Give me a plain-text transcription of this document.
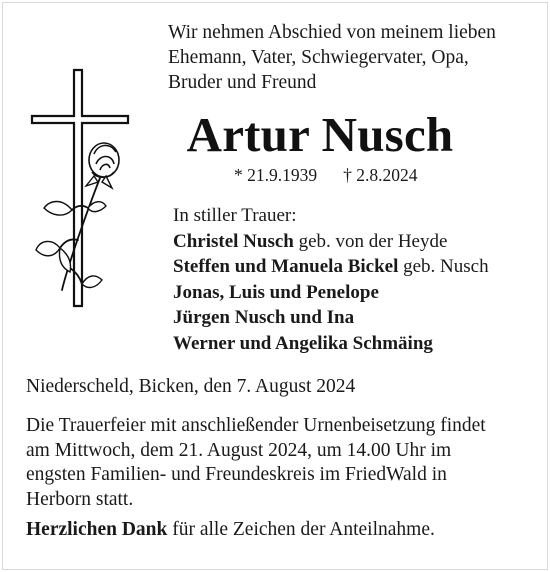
Wir nehmen Abschied von meinem lieben
Ehemann, Vater, Schwiegervater, Opa,
Bruder und Freund
Artur Nusch
* 21.9.1939 † 2.8.2024
In stiller Trauer:
Christel Nusch geb. von der Heyde
Steffen und Manuela Bickel geb. Nusch
Jonas, Luis und Penelope
Jürgen Nusch und Ina
Werner und Angelika Schmäing
Niederscheld, Bicken, den 7. August 2024
Die Trauerfeier mit anschließender Urnenbeisetzung findet
am Mittwoch, dem 21. August 2024, um 14.00 Uhr im
engsten Familien- und Freundeskreis im FriedWald in
Herborn statt.
Herzlichen Dank für alle Zeichen der Anteilnahme.
